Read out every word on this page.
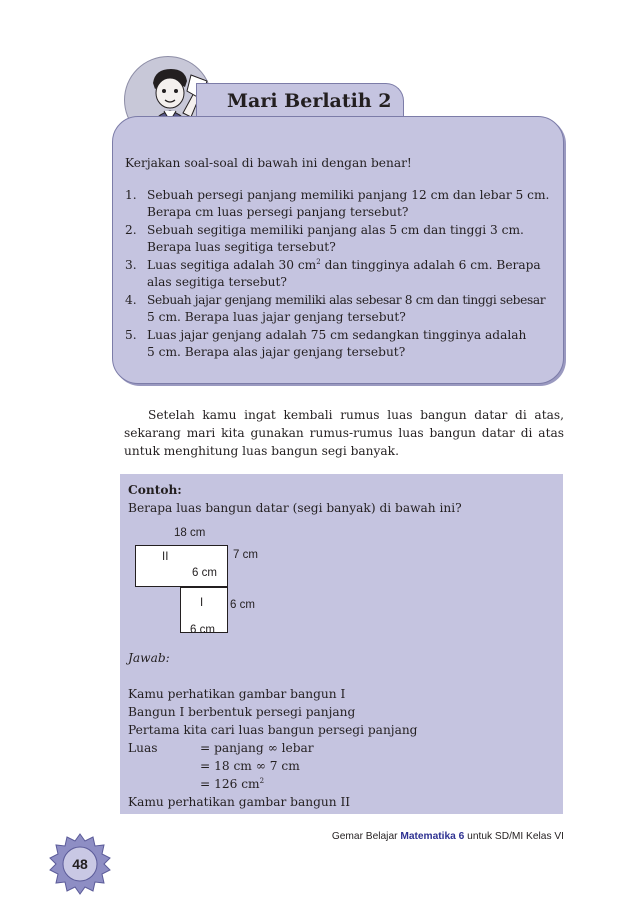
Mari Berlatih 2

Kerjakan soal-soal di bawah ini dengan benar!

1. Sebuah persegi panjang memiliki panjang 12 cm dan lebar 5 cm.
Berapa cm luas persegi panjang tersebut?
2. Sebuah segitiga memiliki panjang alas 5 cm dan tinggi 3 cm.
Berapa luas segitiga tersebut?
3. Luas segitiga adalah 30 $cm^2$ dan tingginya adalah 6 cm. Berapa
alas segitiga tersebut?
4. Sebuah jajar genjang memiliki alas sebesar 8 cm dan tinggi sebesar
5 cm. Berapa luas jajar genjang tersebut?
5. Luas jajar genjang adalah 75 cm sedangkan tingginya adalah
5 cm. Berapa alas jajar genjang tersebut?

Setelah kamu ingat kembali rumus luas bangun datar di atas, sekarang mari kita gunakan rumus-rumus luas bangun datar di atas untuk menghitung luas bangun segi banyak.

Contoh:
Berapa luas bangun datar (segi banyak) di bawah ini?
18 cm
II	7 cm
6 cm
I 6 cm
6 cm
Jawab:
Kamu perhatikan gambar bangun I
Bangun I berbentuk persegi panjang
Pertama kita cari luas bangun persegi panjang
Luas	= panjang ∞ lebar
= 18 cm ∞ 7 cm
= 126 $cm^2$
Kamu perhatikan gambar bangun II
Gemar Belajar Matematika 6 untuk SD/MI Kelas VI
48
